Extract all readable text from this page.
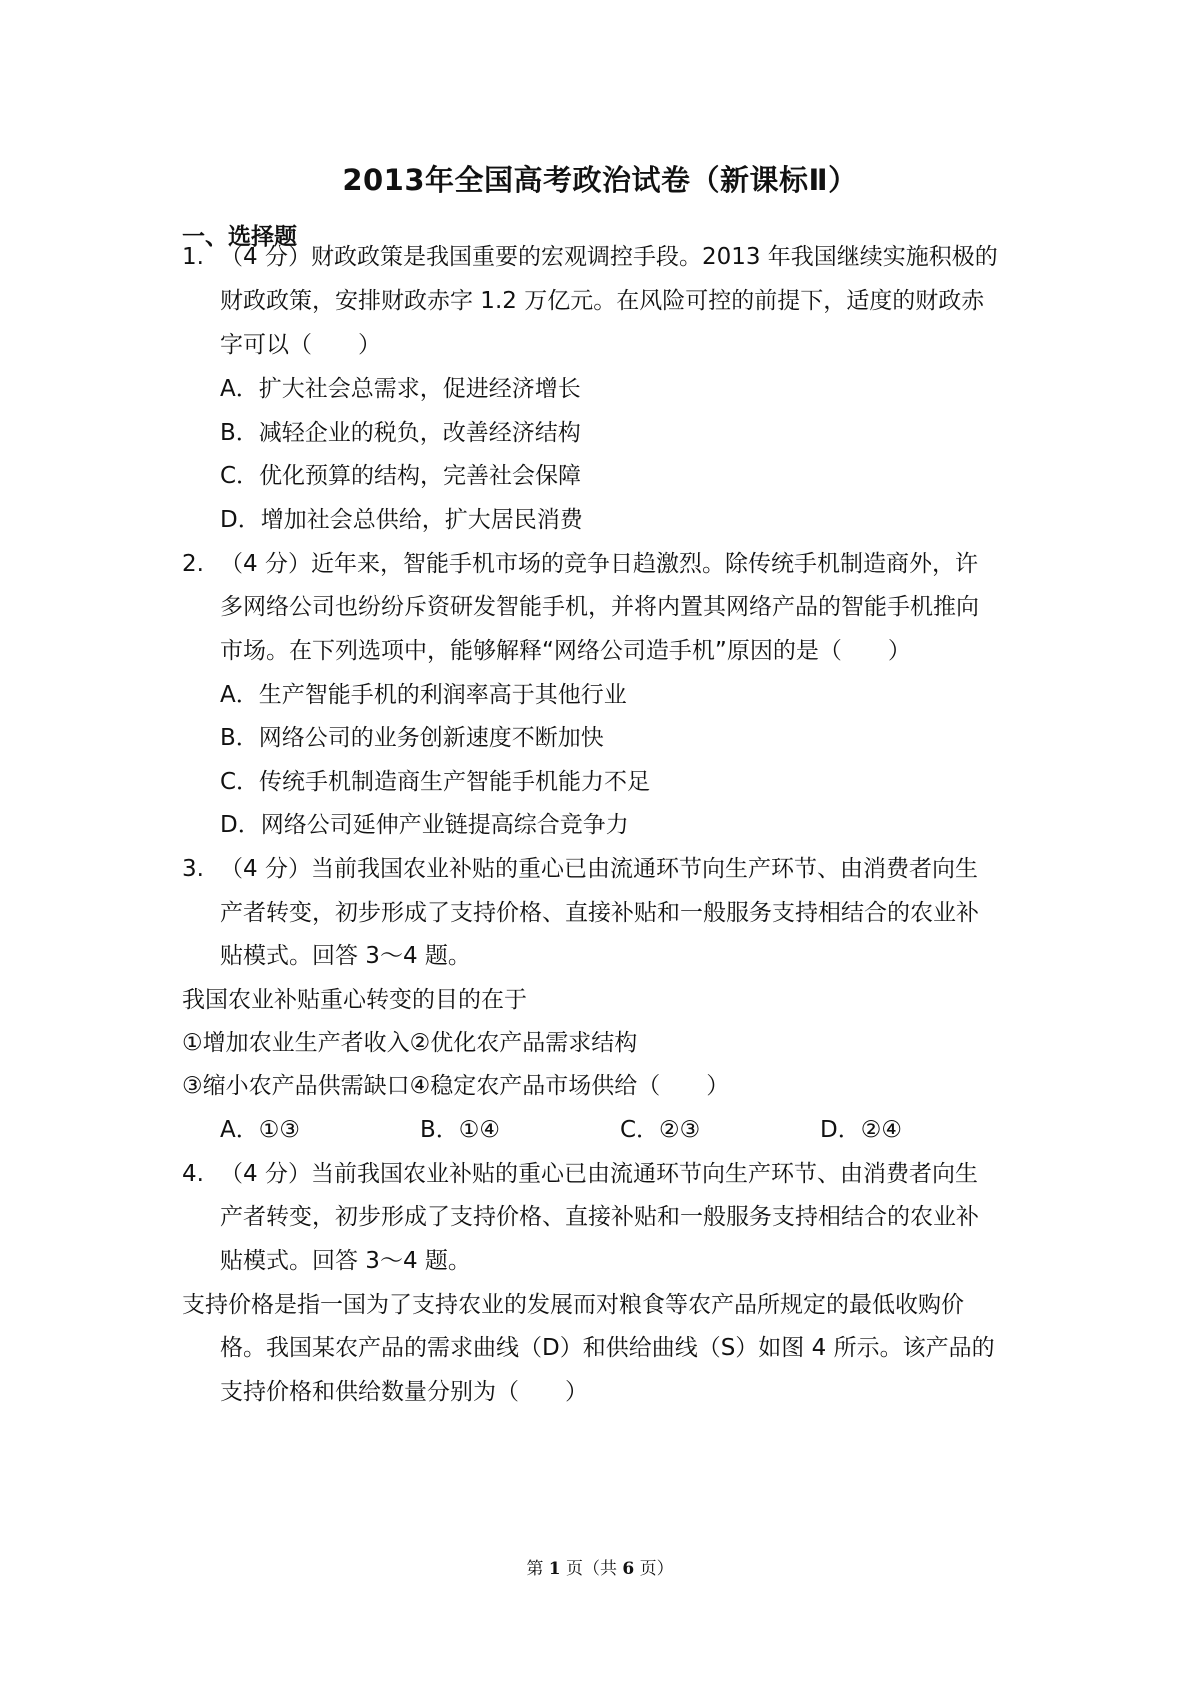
2013年全国高考政治试卷（新课标Ⅱ）
一、选择题
1. （4 分）财政政策是我国重要的宏观调控手段。2013 年我国继续实施积极的
财政政策，安排财政赤字 1.2 万亿元。在风险可控的前提下，适度的财政赤
字可以（　　）
A．扩大社会总需求，促进经济增长
B．减轻企业的税负，改善经济结构
C．优化预算的结构，完善社会保障
D．增加社会总供给，扩大居民消费
2. （4 分）近年来，智能手机市场的竞争日趋激烈。除传统手机制造商外，许
多网络公司也纷纷斥资研发智能手机，并将内置其网络产品的智能手机推向
市场。在下列选项中，能够解释“网络公司造手机”原因的是（　　）
A．生产智能手机的利润率高于其他行业
B．网络公司的业务创新速度不断加快
C．传统手机制造商生产智能手机能力不足
D．网络公司延伸产业链提高综合竞争力
3. （4 分）当前我国农业补贴的重心已由流通环节向生产环节、由消费者向生
产者转变，初步形成了支持价格、直接补贴和一般服务支持相结合的农业补
贴模式。回答 3～4 题。
我国农业补贴重心转变的目的在于
①增加农业生产者收入②优化农产品需求结构
③缩小农产品供需缺口④稳定农产品市场供给（　　）
A．①③	B．①④	C．②③	D．②④
4. （4 分）当前我国农业补贴的重心已由流通环节向生产环节、由消费者向生
产者转变，初步形成了支持价格、直接补贴和一般服务支持相结合的农业补
贴模式。回答 3～4 题。
支持价格是指一国为了支持农业的发展而对粮食等农产品所规定的最低收购价
格。我国某农产品的需求曲线（D）和供给曲线（S）如图 4 所示。该产品的
支持价格和供给数量分别为（　　）
第 1 页（共 6 页）
